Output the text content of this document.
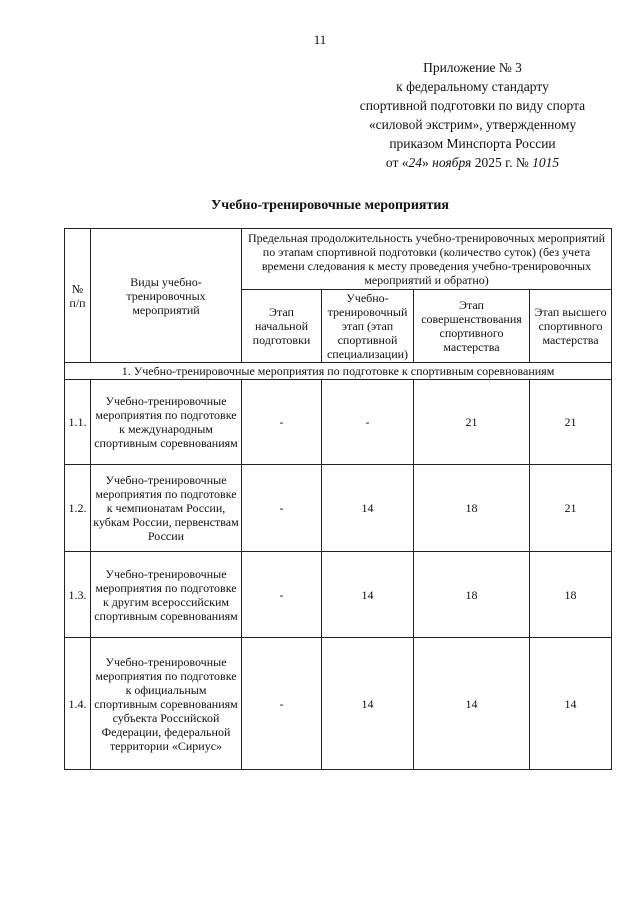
11
Приложение № 3
к федеральному стандарту
спортивной подготовки по виду спорта
«силовой экстрим», утвержденному
приказом Минспорта России
от «24» ноября 2025 г. № 1015
Учебно-тренировочные мероприятия
№ п/п	Виды учебно-тренировочных мероприятий	Предельная продолжительность учебно-тренировочных мероприятий по этапам спортивной подготовки (количество суток) (без учета времени следования к месту проведения учебно-тренировочных мероприятий и обратно)			
		Этап начальной подготовки	Учебно-тренировочный этап (этап спортивной специализации)	Этап совершенствования спортивного мастерства	Этап высшего спортивного мастерства
1. Учебно-тренировочные мероприятия по подготовке к спортивным соревнованиям					
1.1.	Учебно-тренировочные мероприятия по подготовке к международным спортивным соревнованиям	-	-	21	21
1.2.	Учебно-тренировочные мероприятия по подготовке к чемпионатам России, кубкам России, первенствам России	-	14	18	21
1.3.	Учебно-тренировочные мероприятия по подготовке к другим всероссийским спортивным соревнованиям	-	14	18	18
1.4.	Учебно-тренировочные мероприятия по подготовке к официальным спортивным соревнованиям субъекта Российской Федерации, федеральной территории «Сириус»	-	14	14	14
